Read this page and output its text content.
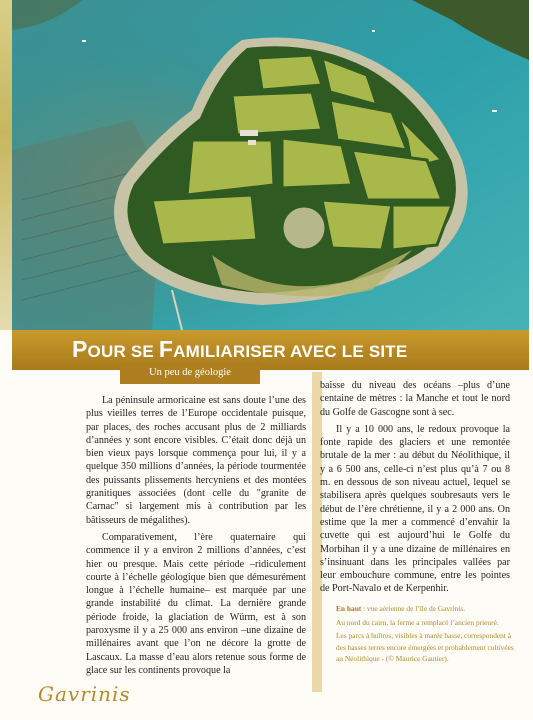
POUR SE FAMILIARISER AVEC LE SITE
Un peu de géologie

La péninsule armoricaine est sans doute l’une des plus vieilles terres de l’Europe occidentale puisque, par places, des roches accusant plus de 2 milliards d’années y sont encore visibles. C’était donc déjà un bien vieux pays lorsque commença pour lui, il y a quelque 350 millions d’années, la période tourmentée des puissants plissements hercyniens et des montées granitiques associées (dont celle du "granite de Carnac" si largement mis à contribution par les bâtisseurs de mégalithes).

Comparativement, l’ère quaternaire qui commence il y a environ 2 millions d’années, c’est hier ou presque. Mais cette période –ridiculement courte à l’échelle géologique bien que démesurément longue à l’échelle humaine– est marquée par une grande instabilité du climat. La dernière grande période froide, la glaciation de Würm, est à son paroxysme il y a 25 000 ans environ –une dizaine de millénaires avant que l’on ne décore la grotte de Lascaux. La masse d’eau alors retenue sous forme de glace sur les continents provoque la

baisse du niveau des océans –plus d’une centaine de mètres : la Manche et tout le nord du Golfe de Gascogne sont à sec.

Il y a 10 000 ans, le redoux provoque la fonte rapide des glaciers et une remontée brutale de la mer : au début du Néolithique, il y a 6 500 ans, celle-ci n’est plus qu’à 7 ou 8 m. en dessous de son niveau actuel, lequel se stabilisera après quelques soubresauts vers le début de l’ère chrétienne, il y a 2 000 ans. On estime que la mer a commencé d’envahir la cuvette qui est aujourd’hui le Golfe du Morbihan il y a une dizaine de millénaires en s’insinuant dans les principales vallées par leur embouchure commune, entre les pointes de Port-Navalo et de Kerpenhir.

En haut : vue aérienne de l’île de Gavrinis.

Au nord du cairn, la ferme a remplacé l’ancien prieuré.

Les parcs à huîtres, visibles à marée basse, correspondent à des basses terres encore émergées et probablement cultivées au Néolithique - (© Maurice Gautier).

Gavrinis
